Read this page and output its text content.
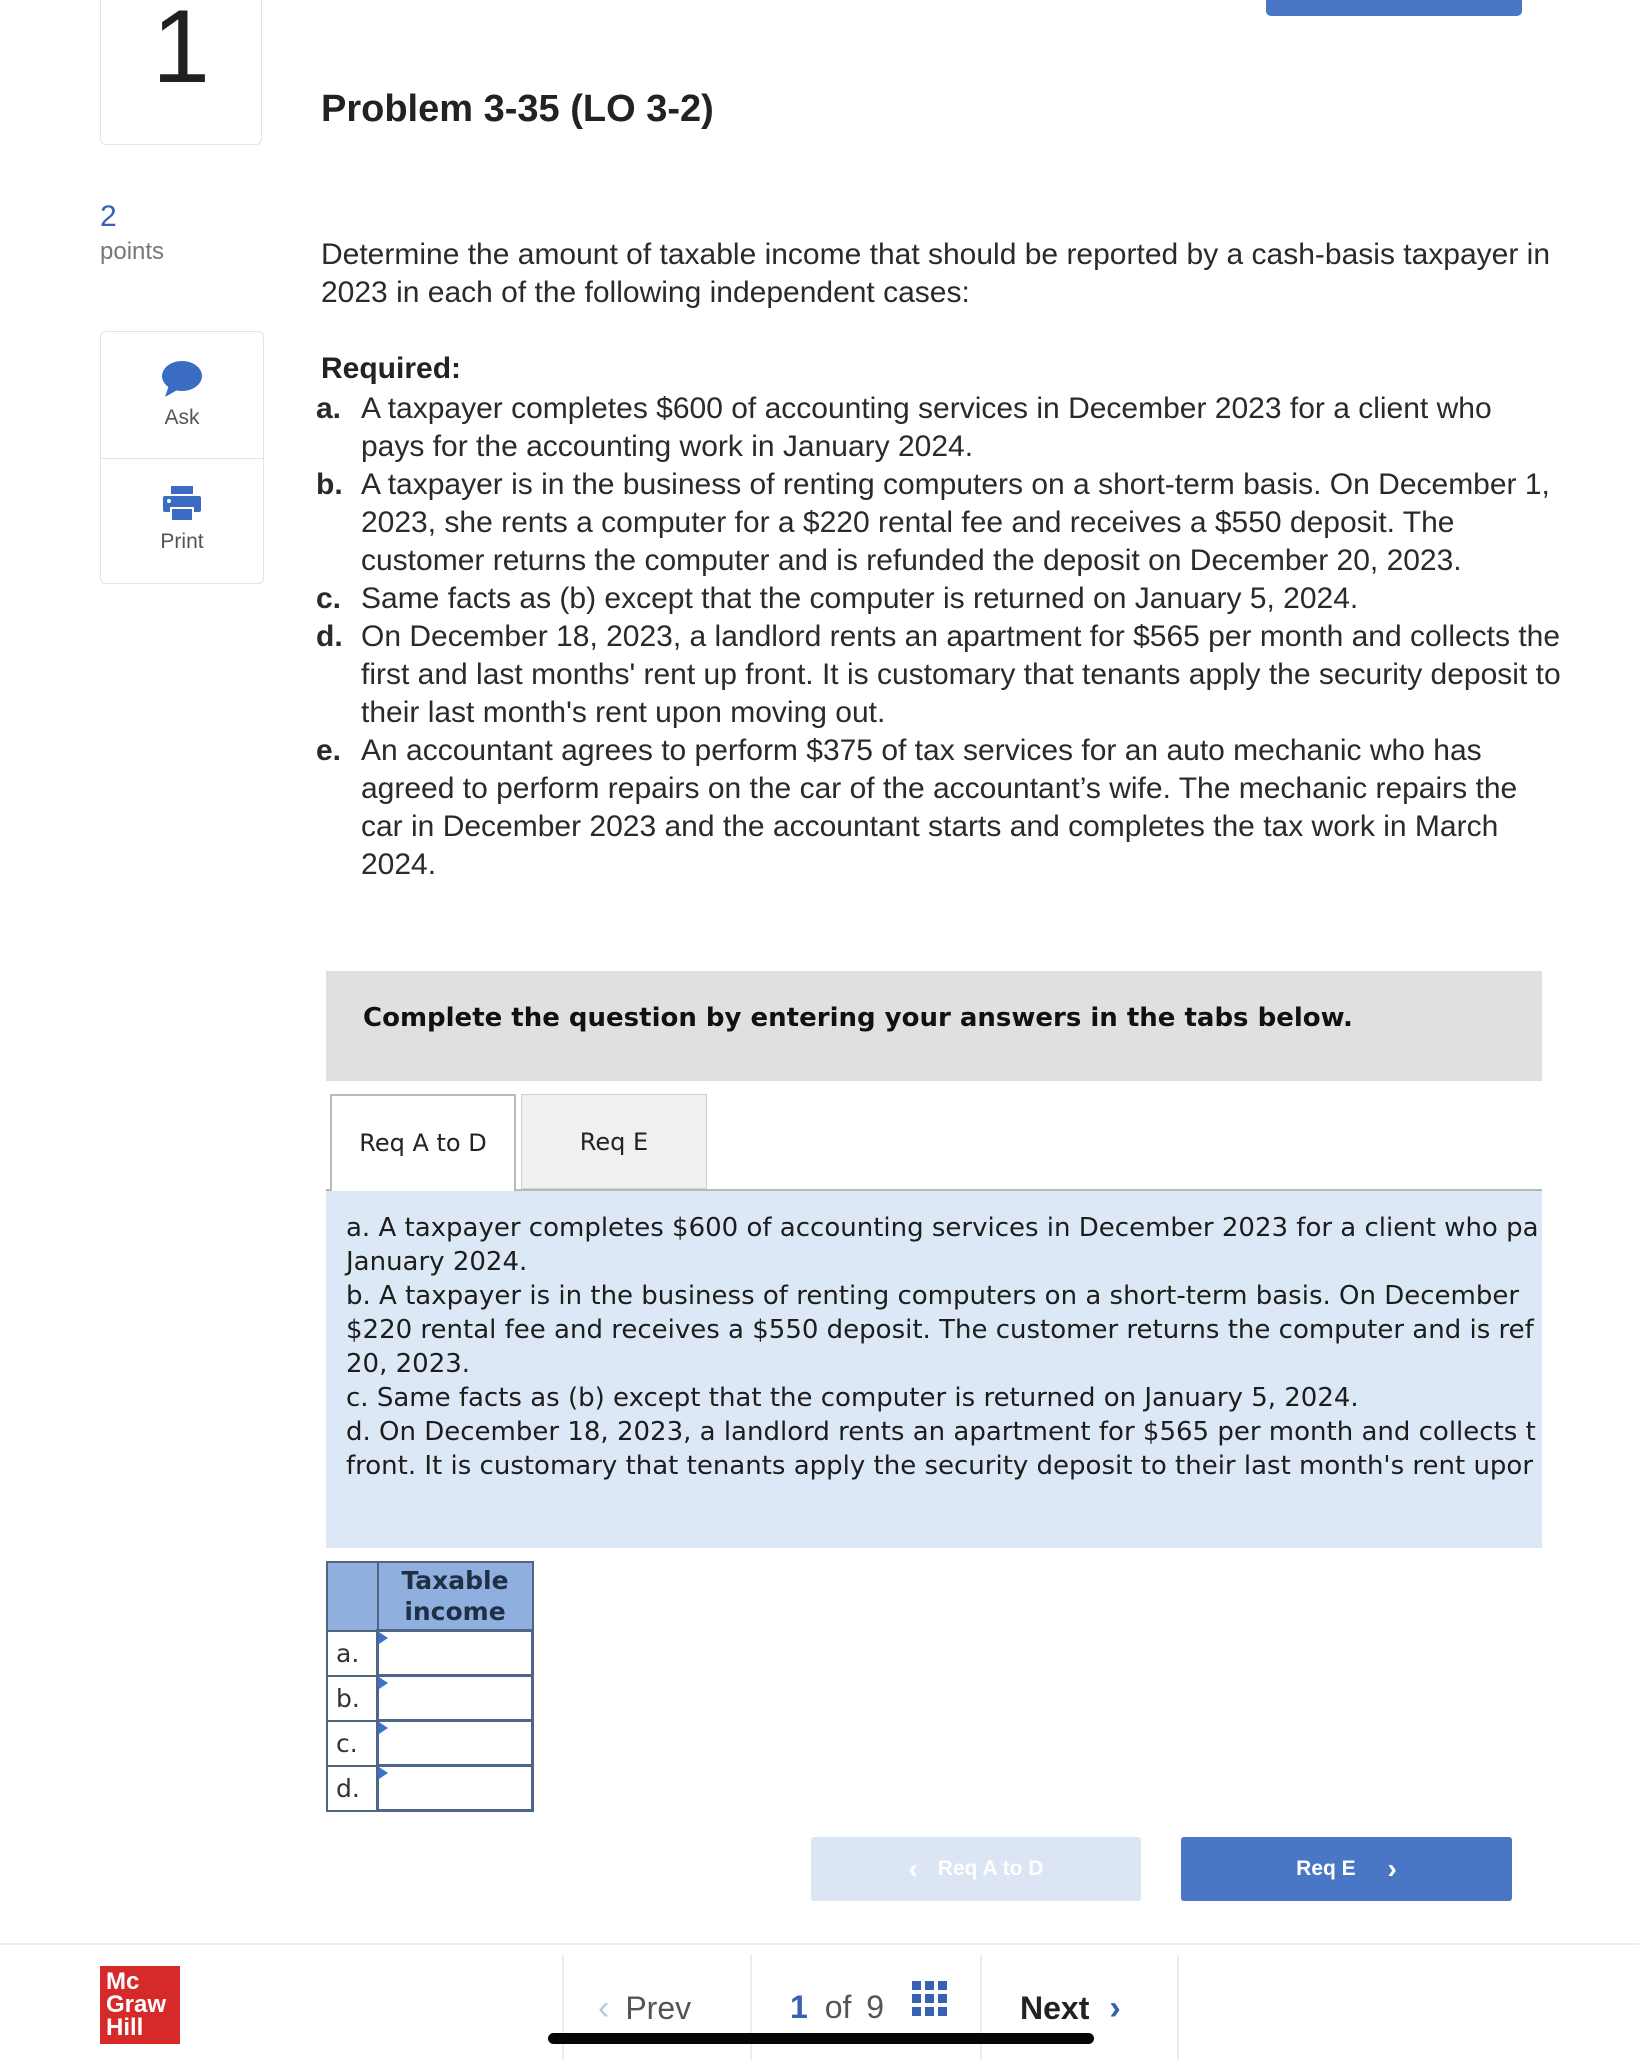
1
Problem 3-35 (LO 3-2)
2
points
Ask
Print
Determine the amount of taxable income that should be reported by a cash-basis taxpayer in 2023 in each of the following independent cases:
Required:
a. A taxpayer completes $600 of accounting services in December 2023 for a client who pays for the accounting work in January 2024.
b. A taxpayer is in the business of renting computers on a short-term basis. On December 1, 2023, she rents a computer for a $220 rental fee and receives a $550 deposit. The customer returns the computer and is refunded the deposit on December 20, 2023.
c. Same facts as (b) except that the computer is returned on January 5, 2024.
d. On December 18, 2023, a landlord rents an apartment for $565 per month and collects the first and last months' rent up front. It is customary that tenants apply the security deposit to their last month's rent upon moving out.
e. An accountant agrees to perform $375 of tax services for an auto mechanic who has agreed to perform repairs on the car of the accountant’s wife. The mechanic repairs the car in December 2023 and the accountant starts and completes the tax work in March 2024.
Complete the question by entering your answers in the tabs below.
Req A to D	Req E
a. A taxpayer completes $600 of accounting services in December 2023 for a client who pa
January 2024.
b. A taxpayer is in the business of renting computers on a short-term basis. On December
$220 rental fee and receives a $550 deposit. The customer returns the computer and is ref
20, 2023.
c. Same facts as (b) except that the computer is returned on January 5, 2024.
d. On December 18, 2023, a landlord rents an apartment for $565 per month and collects t
front. It is customary that tenants apply the security deposit to their last month's rent upor
	Taxable
income
a.	
b.	
c.	
d.	
‹ Req A to D	Req E ›
Mc
Graw
Hill
‹ Prev	1 of 9	Next ›
